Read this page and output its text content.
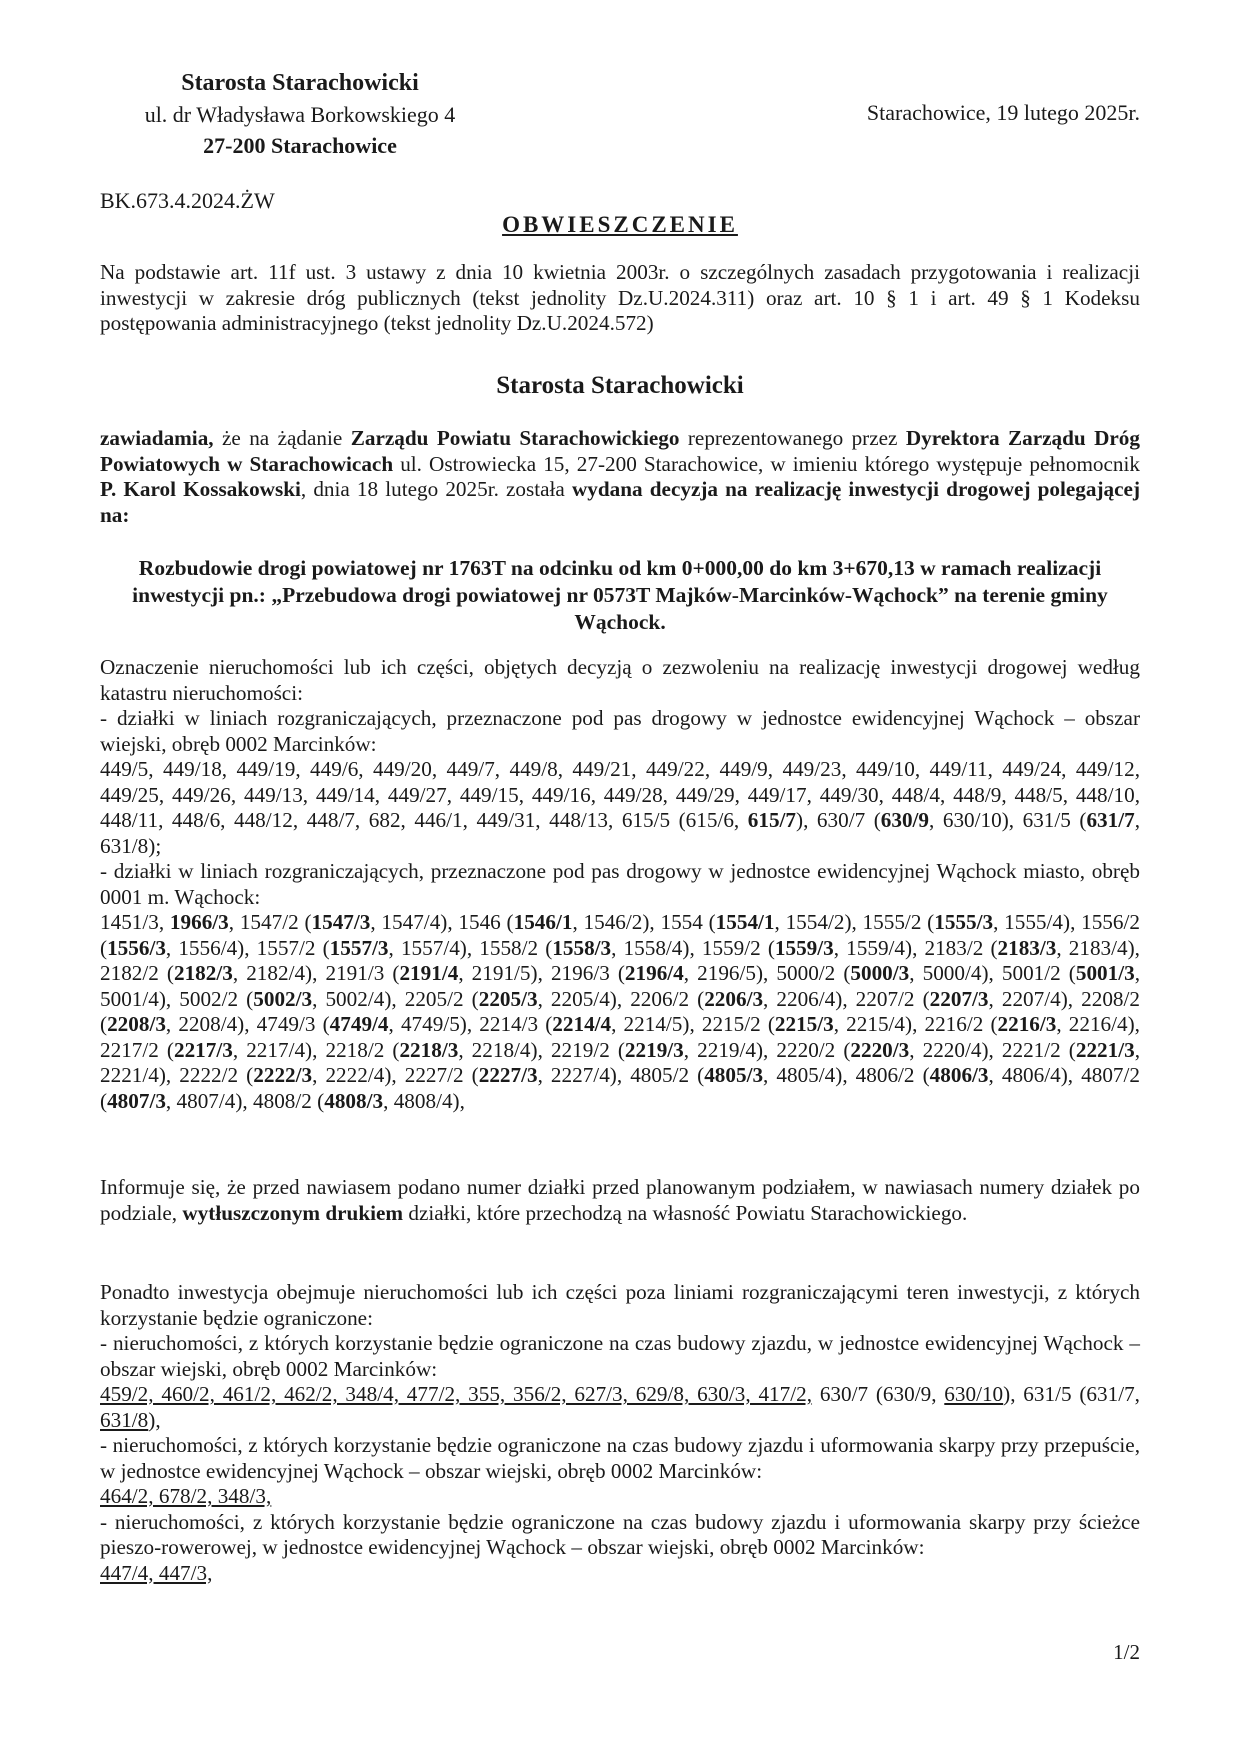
Starosta Starachowicki
ul. dr Władysława Borkowskiego 4
27-200 Starachowice
Starachowice, 19 lutego 2025r.
BK.673.4.2024.ŻW
OBWIESZCZENIE
Na podstawie art. 11f ust. 3 ustawy z dnia 10 kwietnia 2003r. o szczególnych zasadach przygotowania i realizacji inwestycji w zakresie dróg publicznych (tekst jednolity Dz.U.2024.311) oraz art. 10 § 1 i art. 49 § 1 Kodeksu postępowania administracyjnego (tekst jednolity Dz.U.2024.572)
Starosta Starachowicki
zawiadamia, że na żądanie Zarządu Powiatu Starachowickiego reprezentowanego przez Dyrektora Zarządu Dróg Powiatowych w Starachowicach ul. Ostrowiecka 15, 27-200 Starachowice, w imieniu którego występuje pełnomocnik P. Karol Kossakowski, dnia 18 lutego 2025r. została wydana decyzja na realizację inwestycji drogowej polegającej na:
Rozbudowie drogi powiatowej nr 1763T na odcinku od km 0+000,00 do km 3+670,13 w ramach realizacji inwestycji pn.: „Przebudowa drogi powiatowej nr 0573T Majków-Marcinków-Wąchock” na terenie gminy Wąchock.
Oznaczenie nieruchomości lub ich części, objętych decyzją o zezwoleniu na realizację inwestycji drogowej według katastru nieruchomości:
- działki w liniach rozgraniczających, przeznaczone pod pas drogowy w jednostce ewidencyjnej Wąchock – obszar wiejski, obręb 0002 Marcinków:
449/5, 449/18, 449/19, 449/6, 449/20, 449/7, 449/8, 449/21, 449/22, 449/9, 449/23, 449/10, 449/11, 449/24, 449/12, 449/25, 449/26, 449/13, 449/14, 449/27, 449/15, 449/16, 449/28, 449/29, 449/17, 449/30, 448/4, 448/9, 448/5, 448/10, 448/11, 448/6, 448/12, 448/7, 682, 446/1, 449/31, 448/13, 615/5 (615/6, 615/7), 630/7 (630/9, 630/10), 631/5 (631/7, 631/8);
- działki w liniach rozgraniczających, przeznaczone pod pas drogowy w jednostce ewidencyjnej Wąchock miasto, obręb 0001 m. Wąchock:
1451/3, 1966/3, 1547/2 (1547/3, 1547/4), 1546 (1546/1, 1546/2), 1554 (1554/1, 1554/2), 1555/2 (1555/3, 1555/4), 1556/2 (1556/3, 1556/4), 1557/2 (1557/3, 1557/4), 1558/2 (1558/3, 1558/4), 1559/2 (1559/3, 1559/4), 2183/2 (2183/3, 2183/4), 2182/2 (2182/3, 2182/4), 2191/3 (2191/4, 2191/5), 2196/3 (2196/4, 2196/5), 5000/2 (5000/3, 5000/4), 5001/2 (5001/3, 5001/4), 5002/2 (5002/3, 5002/4), 2205/2 (2205/3, 2205/4), 2206/2 (2206/3, 2206/4), 2207/2 (2207/3, 2207/4), 2208/2 (2208/3, 2208/4), 4749/3 (4749/4, 4749/5), 2214/3 (2214/4, 2214/5), 2215/2 (2215/3, 2215/4), 2216/2 (2216/3, 2216/4), 2217/2 (2217/3, 2217/4), 2218/2 (2218/3, 2218/4), 2219/2 (2219/3, 2219/4), 2220/2 (2220/3, 2220/4), 2221/2 (2221/3, 2221/4), 2222/2 (2222/3, 2222/4), 2227/2 (2227/3, 2227/4), 4805/2 (4805/3, 4805/4), 4806/2 (4806/3, 4806/4), 4807/2 (4807/3, 4807/4), 4808/2 (4808/3, 4808/4),
Informuje się, że przed nawiasem podano numer działki przed planowanym podziałem, w nawiasach numery działek po podziale, wytłuszczonym drukiem działki, które przechodzą na własność Powiatu Starachowickiego.
Ponadto inwestycja obejmuje nieruchomości lub ich części poza liniami rozgraniczającymi teren inwestycji, z których korzystanie będzie ograniczone:
- nieruchomości, z których korzystanie będzie ograniczone na czas budowy zjazdu, w jednostce ewidencyjnej Wąchock – obszar wiejski, obręb 0002 Marcinków:
459/2, 460/2, 461/2, 462/2, 348/4, 477/2, 355, 356/2, 627/3, 629/8, 630/3, 417/2, 630/7 (630/9, 630/10), 631/5 (631/7, 631/8),
- nieruchomości, z których korzystanie będzie ograniczone na czas budowy zjazdu i uformowania skarpy przy przepuście, w jednostce ewidencyjnej Wąchock – obszar wiejski, obręb 0002 Marcinków:
464/2, 678/2, 348/3,
- nieruchomości, z których korzystanie będzie ograniczone na czas budowy zjazdu i uformowania skarpy przy ścieżce pieszo-rowerowej, w jednostce ewidencyjnej Wąchock – obszar wiejski, obręb 0002 Marcinków:
447/4, 447/3,
1/2
